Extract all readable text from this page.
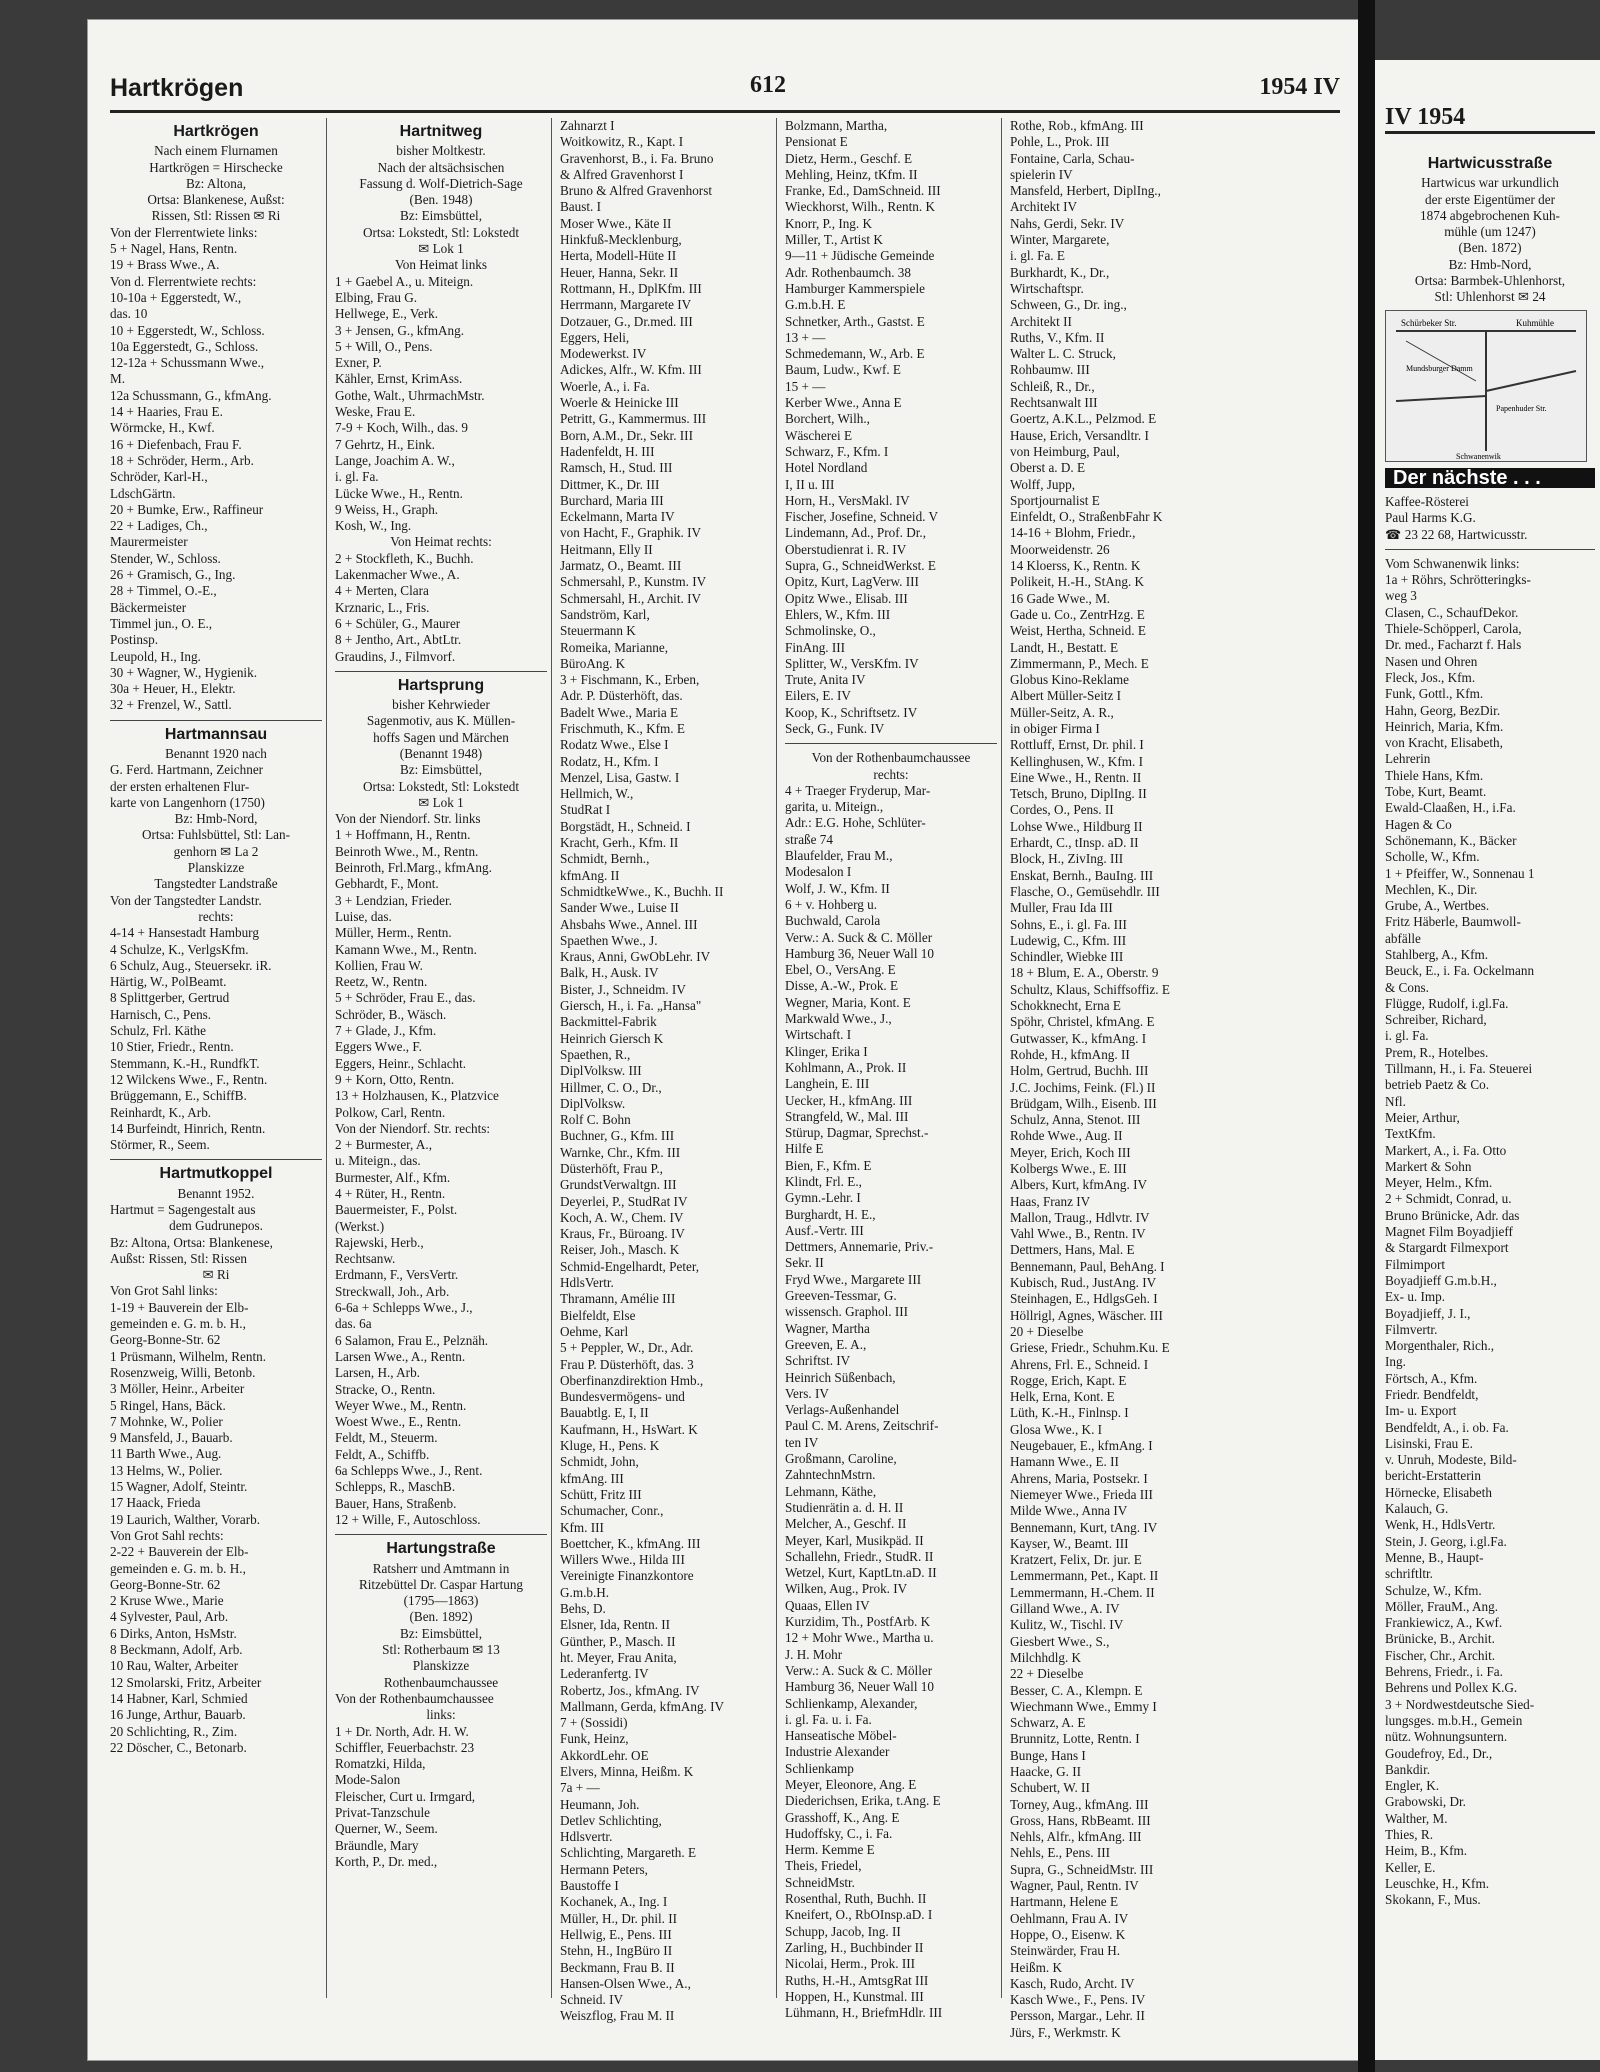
Hartkrögen	612	1954 IV
Hartkrögen
Nach einem Flurnamen
Hartkrögen = Hirschecke
Bz: Altona,
Ortsa: Blankenese, Außst:
Rissen, Stl: Rissen ✉ Ri
Von der Flerrentwiete links:
5 + Nagel, Hans, Rentn.
19 + Brass Wwe., A.
Von d. Flerrentwiete rechts:
10-10a + Eggerstedt, W.,
das. 10
10 + Eggerstedt, W., Schloss.
10a Eggerstedt, G., Schloss.
12-12a + Schussmann Wwe.,
M.
12a Schussmann, G., kfmAng.
14 + Haaries, Frau E.
Wörmcke, H., Kwf.
16 + Diefenbach, Frau F.
18 + Schröder, Herm., Arb.
Schröder, Karl-H.,
LdschGärtn.
20 + Bumke, Erw., Raffineur
22 + Ladiges, Ch.,
Maurermeister
Stender, W., Schloss.
26 + Gramisch, G., Ing.
28 + Timmel, O.-E.,
Bäckermeister
Timmel jun., O. E.,
Postinsp.
Leupold, H., Ing.
30 + Wagner, W., Hygienik.
30a + Heuer, H., Elektr.
32 + Frenzel, W., Sattl.
Hartmannsau
Benannt 1920 nach
G. Ferd. Hartmann, Zeichner
der ersten erhaltenen Flur-
karte von Langenhorn (1750)
Bz: Hmb-Nord,
Ortsa: Fuhlsbüttel, Stl: Lan-
genhorn ✉ La 2
Planskizze
Tangstedter Landstraße
Von der Tangstedter Landstr.
rechts:
4-14 + Hansestadt Hamburg
4 Schulze, K., VerlgsKfm.
6 Schulz, Aug., Steuersekr. iR.
Härtig, W., PolBeamt.
8 Splittgerber, Gertrud
Harnisch, C., Pens.
Schulz, Frl. Käthe
10 Stier, Friedr., Rentn.
Stemmann, K.-H., RundfkT.
12 Wilckens Wwe., F., Rentn.
Brüggemann, E., SchiffB.
Reinhardt, K., Arb.
14 Burfeindt, Hinrich, Rentn.
Störmer, R., Seem.
Hartmutkoppel
Benannt 1952.
Hartmut = Sagengestalt aus
dem Gudrunepos.
Bz: Altona, Ortsa: Blankenese,
Außst: Rissen, Stl: Rissen
✉ Ri
Von Grot Sahl links:
1-19 + Bauverein der Elb-
gemeinden e. G. m. b. H.,
Georg-Bonne-Str. 62
1 Prüsmann, Wilhelm, Rentn.
Rosenzweig, Willi, Betonb.
3 Möller, Heinr., Arbeiter
5 Ringel, Hans, Bäck.
7 Mohnke, W., Polier
9 Mansfeld, J., Bauarb.
11 Barth Wwe., Aug.
13 Helms, W., Polier.
15 Wagner, Adolf, Steintr.
17 Haack, Frieda
19 Laurich, Walther, Vorarb.
Von Grot Sahl rechts:
2-22 + Bauverein der Elb-
gemeinden e. G. m. b. H.,
Georg-Bonne-Str. 62
2 Kruse Wwe., Marie
4 Sylvester, Paul, Arb.
6 Dirks, Anton, HsMstr.
8 Beckmann, Adolf, Arb.
10 Rau, Walter, Arbeiter
12 Smolarski, Fritz, Arbeiter
14 Habner, Karl, Schmied
16 Junge, Arthur, Bauarb.
20 Schlichting, R., Zim.
22 Döscher, C., Betonarb.
Hartnitweg
bisher Moltkestr.
Nach der altsächsischen
Fassung d. Wolf-Dietrich-Sage
(Ben. 1948)
Bz: Eimsbüttel,
Ortsa: Lokstedt, Stl: Lokstedt
✉ Lok 1
Von Heimat links
1 + Gaebel A., u. Miteign.
Elbing, Frau G.
Hellwege, E., Verk.
3 + Jensen, G., kfmAng.
5 + Will, O., Pens.
Exner, P.
Kähler, Ernst, KrimAss.
Gothe, Walt., UhrmachMstr.
Weske, Frau E.
7-9 + Koch, Wilh., das. 9
7 Gehrtz, H., Eink.
Lange, Joachim A. W.,
i. gl. Fa.
Lücke Wwe., H., Rentn.
9 Weiss, H., Graph.
Kosh, W., Ing.
Von Heimat rechts:
2 + Stockfleth, K., Buchh.
Lakenmacher Wwe., A.
4 + Merten, Clara
Krznaric, L., Fris.
6 + Schüler, G., Maurer
8 + Jentho, Art., AbtLtr.
Graudins, J., Filmvorf.
Hartsprung
bisher Kehrwieder
Sagenmotiv, aus K. Müllen-
hoffs Sagen und Märchen
(Benannt 1948)
Bz: Eimsbüttel,
Ortsa: Lokstedt, Stl: Lokstedt
✉ Lok 1
Von der Niendorf. Str. links
1 + Hoffmann, H., Rentn.
Beinroth Wwe., M., Rentn.
Beinroth, Frl.Marg., kfmAng.
Gebhardt, F., Mont.
3 + Lendzian, Frieder.
Luise, das.
Müller, Herm., Rentn.
Kamann Wwe., M., Rentn.
Kollien, Frau W.
Reetz, W., Rentn.
5 + Schröder, Frau E., das.
Schröder, B., Wäsch.
7 + Glade, J., Kfm.
Eggers Wwe., F.
Eggers, Heinr., Schlacht.
9 + Korn, Otto, Rentn.
13 + Holzhausen, K., Platzvice
Polkow, Carl, Rentn.
Von der Niendorf. Str. rechts:
2 + Burmester, A.,
u. Miteign., das.
Burmester, Alf., Kfm.
4 + Rüter, H., Rentn.
Bauermeister, F., Polst.
(Werkst.)
Rajewski, Herb.,
Rechtsanw.
Erdmann, F., VersVertr.
Streckwall, Joh., Arb.
6-6a + Schlepps Wwe., J.,
das. 6a
6 Salamon, Frau E., Pelznäh.
Larsen Wwe., A., Rentn.
Larsen, H., Arb.
Stracke, O., Rentn.
Weyer Wwe., M., Rentn.
Woest Wwe., E., Rentn.
Feldt, M., Steuerm.
Feldt, A., Schiffb.
6a Schlepps Wwe., J., Rent.
Schlepps, R., MaschB.
Bauer, Hans, Straßenb.
12 + Wille, F., Autoschloss.
Hartungstraße
Ratsherr und Amtmann in
Ritzebüttel Dr. Caspar Hartung
(1795—1863)
(Ben. 1892)
Bz: Eimsbüttel,
Stl: Rotherbaum ✉ 13
Planskizze
Rothenbaumchaussee
Von der Rothenbaumchaussee
links:
1 + Dr. North, Adr. H. W.
Schiffler, Feuerbachstr. 23
Romatzki, Hilda,
Mode-Salon
Fleischer, Curt u. Irmgard,
Privat-Tanzschule
Querner, W., Seem.
Bräundle, Mary
Korth, P., Dr. med.,
Zahnarzt I
Woitkowitz, R., Kapt. I
Gravenhorst, B., i. Fa. Bruno
& Alfred Gravenhorst I
Bruno & Alfred Gravenhorst
Baust. I
Moser Wwe., Käte II
Hinkfuß-Mecklenburg,
Herta, Modell-Hüte II
Heuer, Hanna, Sekr. II
Rottmann, H., DplKfm. III
Herrmann, Margarete IV
Dotzauer, G., Dr.med. III
Eggers, Heli,
Modewerkst. IV
Adickes, Alfr., W. Kfm. III
Woerle, A., i. Fa.
Woerle & Heinicke III
Petritt, G., Kammermus. III
Born, A.M., Dr., Sekr. III
Hadenfeldt, H. III
Ramsch, H., Stud. III
Dittmer, K., Dr. III
Burchard, Maria III
Eckelmann, Marta IV
von Hacht, F., Graphik. IV
Heitmann, Elly II
Jarmatz, O., Beamt. III
Schmersahl, P., Kunstm. IV
Schmersahl, H., Archit. IV
Sandström, Karl,
Steuermann K
Romeika, Marianne,
BüroAng. K
3 + Fischmann, K., Erben,
Adr. P. Düsterhöft, das.
Badelt Wwe., Maria E
Frischmuth, K., Kfm. E
Rodatz Wwe., Else I
Rodatz, H., Kfm. I
Menzel, Lisa, Gastw. I
Hellmich, W.,
StudRat I
Borgstädt, H., Schneid. I
Kracht, Gerh., Kfm. II
Schmidt, Bernh.,
kfmAng. II
SchmidtkeWwe., K., Buchh. II
Sander Wwe., Luise II
Ahsbahs Wwe., Annel. III
Spaethen Wwe., J.
Kraus, Anni, GwObLehr. IV
Balk, H., Ausk. IV
Bister, J., Schneidm. IV
Giersch, H., i. Fa. „Hansa"
Backmittel-Fabrik
Heinrich Giersch K
Spaethen, R.,
DiplVolksw. III
Hillmer, C. O., Dr.,
DiplVolksw.
Rolf C. Bohn
Buchner, G., Kfm. III
Warnke, Chr., Kfm. III
Düsterhöft, Frau P.,
GrundstVerwaltgn. III
Deyerlei, P., StudRat IV
Koch, A. W., Chem. IV
Kraus, Fr., Büroang. IV
Reiser, Joh., Masch. K
Schmid-Engelhardt, Peter,
HdlsVertr.
Thramann, Amélie III
Bielfeldt, Else
Oehme, Karl
5 + Peppler, W., Dr., Adr.
Frau P. Düsterhöft, das. 3
Oberfinanzdirektion Hmb.,
Bundesvermögens- und
Bauabtlg. E, I, II
Kaufmann, H., HsWart. K
Kluge, H., Pens. K
Schmidt, John,
kfmAng. III
Schütt, Fritz III
Schumacher, Conr.,
Kfm. III
Boettcher, K., kfmAng. III
Willers Wwe., Hilda III
Vereinigte Finanzkontore
G.m.b.H.
Behs, D.
Elsner, Ida, Rentn. II
Günther, P., Masch. II
ht. Meyer, Frau Anita,
Lederanfertg. IV
Robertz, Jos., kfmAng. IV
Mallmann, Gerda, kfmAng. IV
7 + (Sossidi)
Funk, Heinz,
AkkordLehr. OE
Elvers, Minna, Heißm. K
7a + —
Heumann, Joh.
Detlev Schlichting,
Hdlsvertr.
Schlichting, Margareth. E
Hermann Peters,
Baustoffe I
Kochanek, A., Ing. I
Müller, H., Dr. phil. II
Hellwig, E., Pens. III
Stehn, H., IngBüro II
Beckmann, Frau B. II
Hansen-Olsen Wwe., A.,
Schneid. IV
Weiszflog, Frau M. II
Bolzmann, Martha,
Pensionat E
Dietz, Herm., Geschf. E
Mehling, Heinz, tKfm. II
Franke, Ed., DamSchneid. III
Wieckhorst, Wilh., Rentn. K
Knorr, P., Ing. K
Miller, T., Artist K
9—11 + Jüdische Gemeinde
Adr. Rothenbaumch. 38
Hamburger Kammerspiele
G.m.b.H. E
Schnetker, Arth., Gastst. E
13 + —
Schmedemann, W., Arb. E
Baum, Ludw., Kwf. E
15 + —
Kerber Wwe., Anna E
Borchert, Wilh.,
Wäscherei E
Schwarz, F., Kfm. I
Hotel Nordland
I, II u. III
Horn, H., VersMakl. IV
Fischer, Josefine, Schneid. V
Lindemann, Ad., Prof. Dr.,
Oberstudienrat i. R. IV
Supra, G., SchneidWerkst. E
Opitz, Kurt, LagVerw. III
Opitz Wwe., Elisab. III
Ehlers, W., Kfm. III
Schmolinske, O.,
FinAng. III
Splitter, W., VersKfm. IV
Trute, Anita IV
Eilers, E. IV
Koop, K., Schriftsetz. IV
Seck, G., Funk. IV
Von der Rothenbaumchaussee
rechts:
4 + Traeger Fryderup, Mar-
garita, u. Miteign.,
Adr.: E.G. Hohe, Schlüter-
straße 74
Blaufelder, Frau M.,
Modesalon I
Wolf, J. W., Kfm. II
6 + v. Hohberg u.
Buchwald, Carola
Verw.: A. Suck & C. Möller
Hamburg 36, Neuer Wall 10
Ebel, O., VersAng. E
Disse, A.-W., Prok. E
Wegner, Maria, Kont. E
Markwald Wwe., J.,
Wirtschaft. I
Klinger, Erika I
Kohlmann, A., Prok. II
Langhein, E. III
Uecker, H., kfmAng. III
Strangfeld, W., Mal. III
Stürup, Dagmar, Sprechst.-
Hilfe E
Bien, F., Kfm. E
Klindt, Frl. E.,
Gymn.-Lehr. I
Burghardt, H. E.,
Ausf.-Vertr. III
Dettmers, Annemarie, Priv.-
Sekr. II
Fryd Wwe., Margarete III
Greeven-Tessmar, G.
wissensch. Graphol. III
Wagner, Martha
Greeven, E. A.,
Schriftst. IV
Heinrich Süßenbach,
Vers. IV
Verlags-Außenhandel
Paul C. M. Arens, Zeitschrif-
ten IV
Großmann, Caroline,
ZahntechnMstrn.
Lehmann, Käthe,
Studienrätin a. d. H. II
Melcher, A., Geschf. II
Meyer, Karl, Musikpäd. II
Schallehn, Friedr., StudR. II
Wetzel, Kurt, KaptLtn.aD. II
Wilken, Aug., Prok. IV
Quaas, Ellen IV
Kurzidim, Th., PostfArb. K
12 + Mohr Wwe., Martha u.
J. H. Mohr
Verw.: A. Suck & C. Möller
Hamburg 36, Neuer Wall 10
Schlienkamp, Alexander,
i. gl. Fa. u. i. Fa.
Hanseatische Möbel-
Industrie Alexander
Schlienkamp
Meyer, Eleonore, Ang. E
Diederichsen, Erika, t.Ang. E
Grasshoff, K., Ang. E
Hudoffsky, C., i. Fa.
Herm. Kemme E
Theis, Friedel,
SchneidMstr.
Rosenthal, Ruth, Buchh. II
Kneifert, O., RbOInsp.aD. I
Schupp, Jacob, Ing. II
Zarling, H., Buchbinder II
Nicolai, Herm., Prok. III
Ruths, H.-H., AmtsgRat III
Hoppen, H., Kunstmal. III
Lühmann, H., BriefmHdlr. III
Rothe, Rob., kfmAng. III
Pohle, L., Prok. III
Fontaine, Carla, Schau-
spielerin IV
Mansfeld, Herbert, DiplIng.,
Architekt IV
Nahs, Gerdi, Sekr. IV
Winter, Margarete,
i. gl. Fa. E
Burkhardt, K., Dr.,
Wirtschaftspr.
Schween, G., Dr. ing.,
Architekt II
Ruths, V., Kfm. II
Walter L. C. Struck,
Rohbaumw. III
Schleiß, R., Dr.,
Rechtsanwalt III
Goertz, A.K.L., Pelzmod. E
Hause, Erich, Versandltr. I
von Heimburg, Paul,
Oberst a. D. E
Wolff, Jupp,
Sportjournalist E
Einfeldt, O., StraßenbFahr K
14-16 + Blohm, Friedr.,
Moorweidenstr. 26
14 Kloerss, K., Rentn. K
Polikeit, H.-H., StAng. K
16 Gade Wwe., M.
Gade u. Co., ZentrHzg. E
Weist, Hertha, Schneid. E
Landt, H., Bestatt. E
Zimmermann, P., Mech. E
Globus Kino-Reklame
Albert Müller-Seitz I
Müller-Seitz, A. R.,
in obiger Firma I
Rottluff, Ernst, Dr. phil. I
Kellinghusen, W., Kfm. I
Eine Wwe., H., Rentn. II
Tetsch, Bruno, DiplIng. II
Cordes, O., Pens. II
Lohse Wwe., Hildburg II
Erhardt, C., tInsp. aD. II
Block, H., ZivIng. III
Enskat, Bernh., BauIng. III
Flasche, O., Gemüsehdlr. III
Muller, Frau Ida III
Sohns, E., i. gl. Fa. III
Ludewig, C., Kfm. III
Schindler, Wiebke III
18 + Blum, E. A., Oberstr. 9
Schultz, Klaus, Schiffsoffiz. E
Schokknecht, Erna E
Spöhr, Christel, kfmAng. E
Gutwasser, K., kfmAng. I
Rohde, H., kfmAng. II
Holm, Gertrud, Buchh. III
J.C. Jochims, Feink. (Fl.) II
Brüdgam, Wilh., Eisenb. III
Schulz, Anna, Stenot. III
Rohde Wwe., Aug. II
Meyer, Erich, Koch III
Kolbergs Wwe., E. III
Albers, Kurt, kfmAng. IV
Haas, Franz IV
Mallon, Traug., Hdlvtr. IV
Vahl Wwe., B., Rentn. IV
Dettmers, Hans, Mal. E
Bennemann, Paul, BehAng. I
Kubisch, Rud., JustAng. IV
Steinhagen, E., HdlgsGeh. I
Höllrigl, Agnes, Wäscher. III
20 + Dieselbe
Griese, Friedr., Schuhm.Ku. E
Ahrens, Frl. E., Schneid. I
Rogge, Erich, Kapt. E
Helk, Erna, Kont. E
Lüth, K.-H., Finlnsp. I
Glosa Wwe., K. I
Neugebauer, E., kfmAng. I
Hamann Wwe., E. II
Ahrens, Maria, Postsekr. I
Niemeyer Wwe., Frieda III
Milde Wwe., Anna IV
Bennemann, Kurt, tAng. IV
Kayser, W., Beamt. III
Kratzert, Felix, Dr. jur. E
Lemmermann, Pet., Kapt. II
Lemmermann, H.-Chem. II
Gilland Wwe., A. IV
Kulitz, W., Tischl. IV
Giesbert Wwe., S.,
Milchhdlg. K
22 + Dieselbe
Besser, C. A., Klempn. E
Wiechmann Wwe., Emmy I
Schwarz, A. E
Brunnitz, Lotte, Rentn. I
Bunge, Hans I
Haacke, G. II
Schubert, W. II
Torney, Aug., kfmAng. III
Gross, Hans, RbBeamt. III
Nehls, Alfr., kfmAng. III
Nehls, E., Pens. III
Supra, G., SchneidMstr. III
Wagner, Paul, Rentn. IV
Hartmann, Helene E
Oehlmann, Frau A. IV
Hoppe, O., Eisenw. K
Steinwärder, Frau H.
Heißm. K
Kasch, Rudo, Archt. IV
Kasch Wwe., F., Pens. IV
Persson, Margar., Lehr. II
Jürs, F., Werkmstr. K
IV 1954
Hartwicusstraße
Hartwicus war urkundlich
der erste Eigentümer der
1874 abgebrochenen Kuh-
mühle (um 1247)
(Ben. 1872)
Bz: Hmb-Nord,
Ortsa: Barmbek-Uhlenhorst,
Stl: Uhlenhorst ✉ 24
Schürbeker Str.	Kuhmühle
Mundsburger Damm
Papenhuder Str.
Schwanenwik
Der nächste . . .
Kaffee-Rösterei
Paul Harms K.G.
☎ 23 22 68, Hartwicusstr.
Vom Schwanenwik links:
1a + Röhrs, Schrötteringks-
weg 3
Clasen, C., SchaufDekor.
Thiele-Schöpperl, Carola,
Dr. med., Facharzt f. Hals
Nasen und Ohren
Fleck, Jos., Kfm.
Funk, Gottl., Kfm.
Hahn, Georg, BezDir.
Heinrich, Maria, Kfm.
von Kracht, Elisabeth,
Lehrerin
Thiele Hans, Kfm.
Tobe, Kurt, Beamt.
Ewald-Claaßen, H., i.Fa.
Hagen & Co
Schönemann, K., Bäcker
Scholle, W., Kfm.
1 + Pfeiffer, W., Sonnenau 1
Mechlen, K., Dir.
Grube, A., Wertbes.
Fritz Häberle, Baumwoll-
abfälle
Stahlberg, A., Kfm.
Beuck, E., i. Fa. Ockelmann
& Cons.
Flügge, Rudolf, i.gl.Fa.
Schreiber, Richard,
i. gl. Fa.
Prem, R., Hotelbes.
Tillmann, H., i. Fa. Steuerei
betrieb Paetz & Co.
Nfl.
Meier, Arthur,
TextKfm.
Markert, A., i. Fa. Otto
Markert & Sohn
Meyer, Helm., Kfm.
2 + Schmidt, Conrad, u.
Bruno Brünicke, Adr. das
Magnet Film Boyadjieff
& Stargardt Filmexport
Filmimport
Boyadjieff G.m.b.H.,
Ex- u. Imp.
Boyadjieff, J. I.,
Filmvertr.
Morgenthaler, Rich.,
Ing.
Förtsch, A., Kfm.
Friedr. Bendfeldt,
Im- u. Export
Bendfeldt, A., i. ob. Fa.
Lisinski, Frau E.
v. Unruh, Modeste, Bild-
bericht-Erstatterin
Hörnecke, Elisabeth
Kalauch, G.
Wenk, H., HdlsVertr.
Stein, J. Georg, i.gl.Fa.
Menne, B., Haupt-
schriftltr.
Schulze, W., Kfm.
Möller, FrauM., Ang.
Frankiewicz, A., Kwf.
Brünicke, B., Archit.
Fischer, Chr., Archit.
Behrens, Friedr., i. Fa.
Behrens und Pollex K.G.
3 + Nordwestdeutsche Sied-
lungsges. m.b.H., Gemein
nütz. Wohnungsuntern.
Goudefroy, Ed., Dr.,
Bankdir.
Engler, K.
Grabowski, Dr.
Walther, M.
Thies, R.
Heim, B., Kfm.
Keller, E.
Leuschke, H., Kfm.
Skokann, F., Mus.
